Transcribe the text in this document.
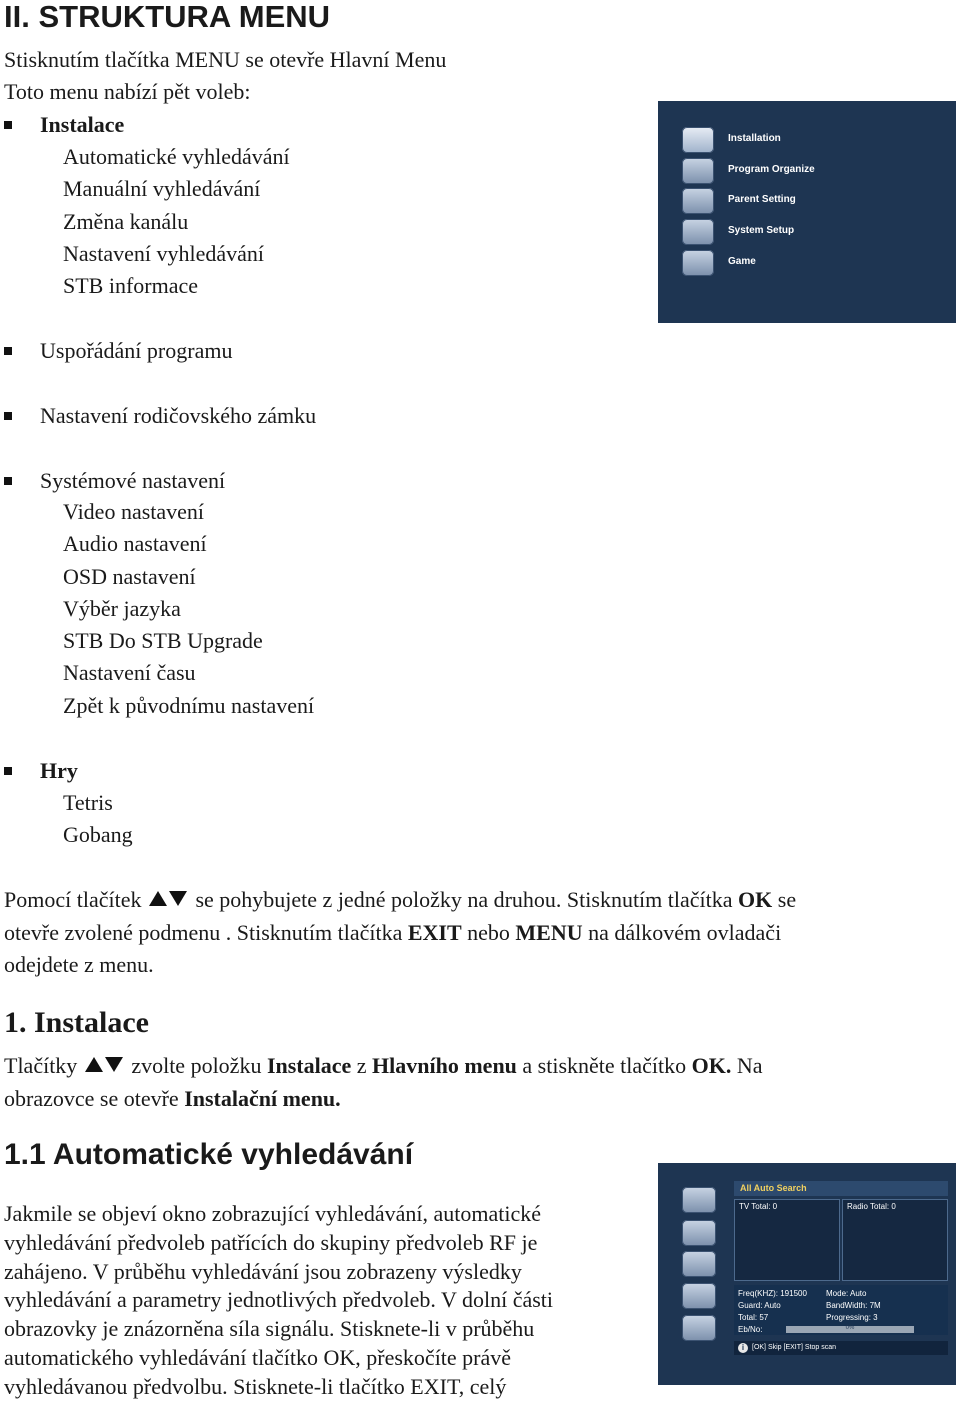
II. STRUKTURA MENU
Stisknutím tlačítka MENU se otevře Hlavní Menu
Toto menu nabízí pět voleb:
Instalace
Automatické vyhledávání
Manuální vyhledávání
Změna kanálu
Nastavení vyhledávání
STB informace
Uspořádání programu
Nastavení rodičovského zámku
Systémové nastavení
Video nastavení
Audio nastavení
OSD nastavení
Výběr jazyka
STB Do STB Upgrade
Nastavení času
Zpět k původnímu nastavení
Hry
Tetris
Gobang
Pomocí tlačítek se pohybujete z jedné položky na druhou. Stisknutím tlačítka OK se
otevře zvolené podmenu . Stisknutím tlačítka EXIT nebo MENU na dálkovém ovladači
odejdete z menu.
1. Instalace
Tlačítky zvolte položku Instalace z Hlavního menu a stiskněte tlačítko OK. Na
obrazovce se otevře Instalační menu.
1.1 Automatické vyhledávání
Jakmile se objeví okno zobrazující vyhledávání, automatické
vyhledávání předvoleb patřících do skupiny předvoleb RF je
zahájeno. V průběhu vyhledávání jsou zobrazeny výsledky
vyhledávání a parametry jednotlivých předvoleb. V dolní části
obrazovky je znázorněna síla signálu. Stisknete-li v průběhu
automatického vyhledávání tlačítko OK, přeskočíte právě
vyhledávanou předvolbu. Stisknete-li tlačítko EXIT, celý
Installation
Program Organize
Parent Setting
System Setup
Game
All Auto Search
TV Total: 0	Radio Total: 0
Freq(KHZ): 191500 Mode: Auto
Guard: Auto	BandWidth: 7M
Total: 57	Progressing: 3
Eb/No:	0%
i	[OK] Skip [EXIT] Stop scan
